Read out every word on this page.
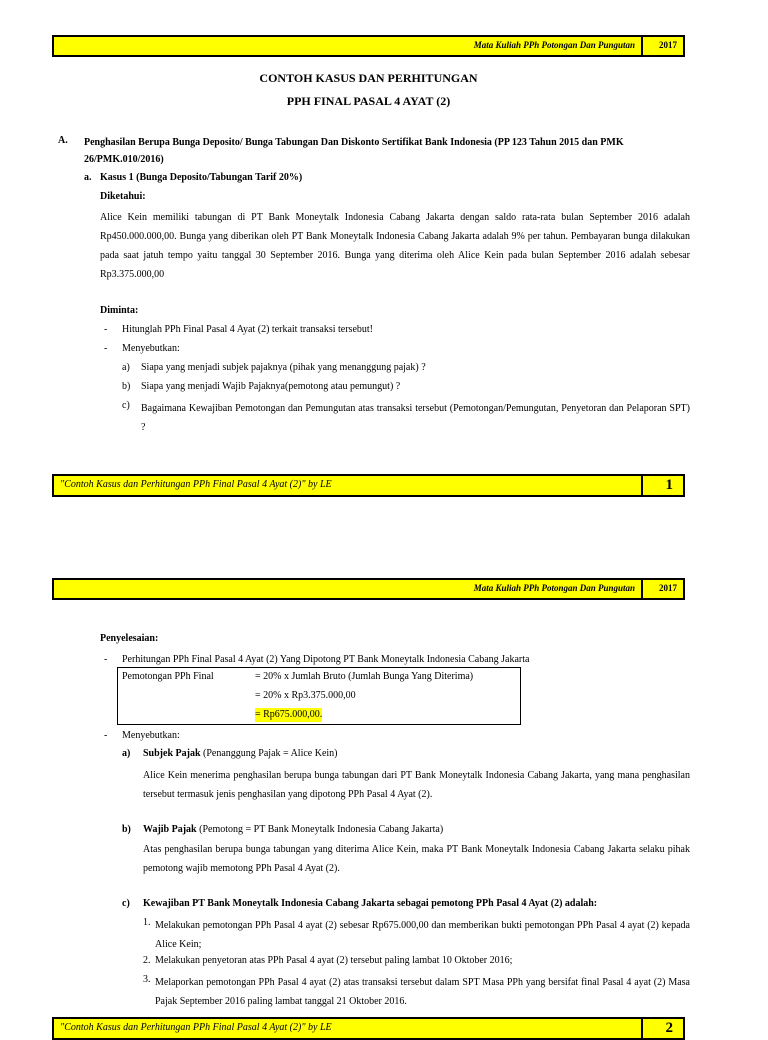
Mata Kuliah PPh Potongan Dan Pungutan	2017
CONTOH KASUS DAN PERHITUNGAN
PPH FINAL PASAL 4 AYAT (2)
A. Penghasilan Berupa Bunga Deposito/ Bunga Tabungan Dan Diskonto Sertifikat Bank Indonesia (PP 123 Tahun 2015 dan PMK 26/PMK.010/2016)
a. Kasus 1 (Bunga Deposito/Tabungan Tarif 20%)
Diketahui:
Alice Kein memiliki tabungan di PT Bank Moneytalk Indonesia Cabang Jakarta dengan saldo rata-rata bulan September 2016 adalah Rp450.000.000,00. Bunga yang diberikan oleh PT Bank Moneytalk Indonesia Cabang Jakarta adalah 9% per tahun. Pembayaran bunga dilakukan pada saat jatuh tempo yaitu tanggal 30 September 2016. Bunga yang diterima oleh Alice Kein pada bulan September 2016 adalah sebesar Rp3.375.000,00
Diminta:
- Hitunglah PPh Final Pasal 4 Ayat (2) terkait transaksi tersebut!
- Menyebutkan:
a) Siapa yang menjadi subjek pajaknya (pihak yang menanggung pajak) ?
b) Siapa yang menjadi Wajib Pajaknya(pemotong atau pemungut) ?
c) Bagaimana Kewajiban Pemotongan dan Pemungutan atas transaksi tersebut (Pemotongan/Pemungutan, Penyetoran dan Pelaporan SPT) ?
"Contoh Kasus dan Perhitungan PPh Final Pasal 4 Ayat (2)" by LE	1
Mata Kuliah PPh Potongan Dan Pungutan	2017
Penyelesaian:
- Perhitungan PPh Final Pasal 4 Ayat (2) Yang Dipotong PT Bank Moneytalk Indonesia Cabang Jakarta
Pemotongan PPh Final	= 20% x Jumlah Bruto (Jumlah Bunga Yang Diterima)
= 20% x Rp3.375.000,00
= Rp675.000,00.
- Menyebutkan:
a) Subjek Pajak (Penanggung Pajak = Alice Kein)
Alice Kein menerima penghasilan berupa bunga tabungan dari PT Bank Moneytalk Indonesia Cabang Jakarta, yang mana penghasilan tersebut termasuk jenis penghasilan yang dipotong PPh Pasal 4 Ayat (2).
b) Wajib Pajak (Pemotong = PT Bank Moneytalk Indonesia Cabang Jakarta)
Atas penghasilan berupa bunga tabungan yang diterima Alice Kein, maka PT Bank Moneytalk Indonesia Cabang Jakarta selaku pihak pemotong wajib memotong PPh Pasal 4 Ayat (2).
c) Kewajiban PT Bank Moneytalk Indonesia Cabang Jakarta sebagai pemotong PPh Pasal 4 Ayat (2) adalah:
1. Melakukan pemotongan PPh Pasal 4 ayat (2) sebesar Rp675.000,00 dan memberikan bukti pemotongan PPh Pasal 4 ayat (2) kepada Alice Kein;
2. Melakukan penyetoran atas PPh Pasal 4 ayat (2) tersebut paling lambat 10 Oktober 2016;
3. Melaporkan pemotongan PPh Pasal 4 ayat (2) atas transaksi tersebut dalam SPT Masa PPh yang bersifat final Pasal 4 ayat (2) Masa Pajak September 2016 paling lambat tanggal 21 Oktober 2016.
"Contoh Kasus dan Perhitungan PPh Final Pasal 4 Ayat (2)" by LE	2
